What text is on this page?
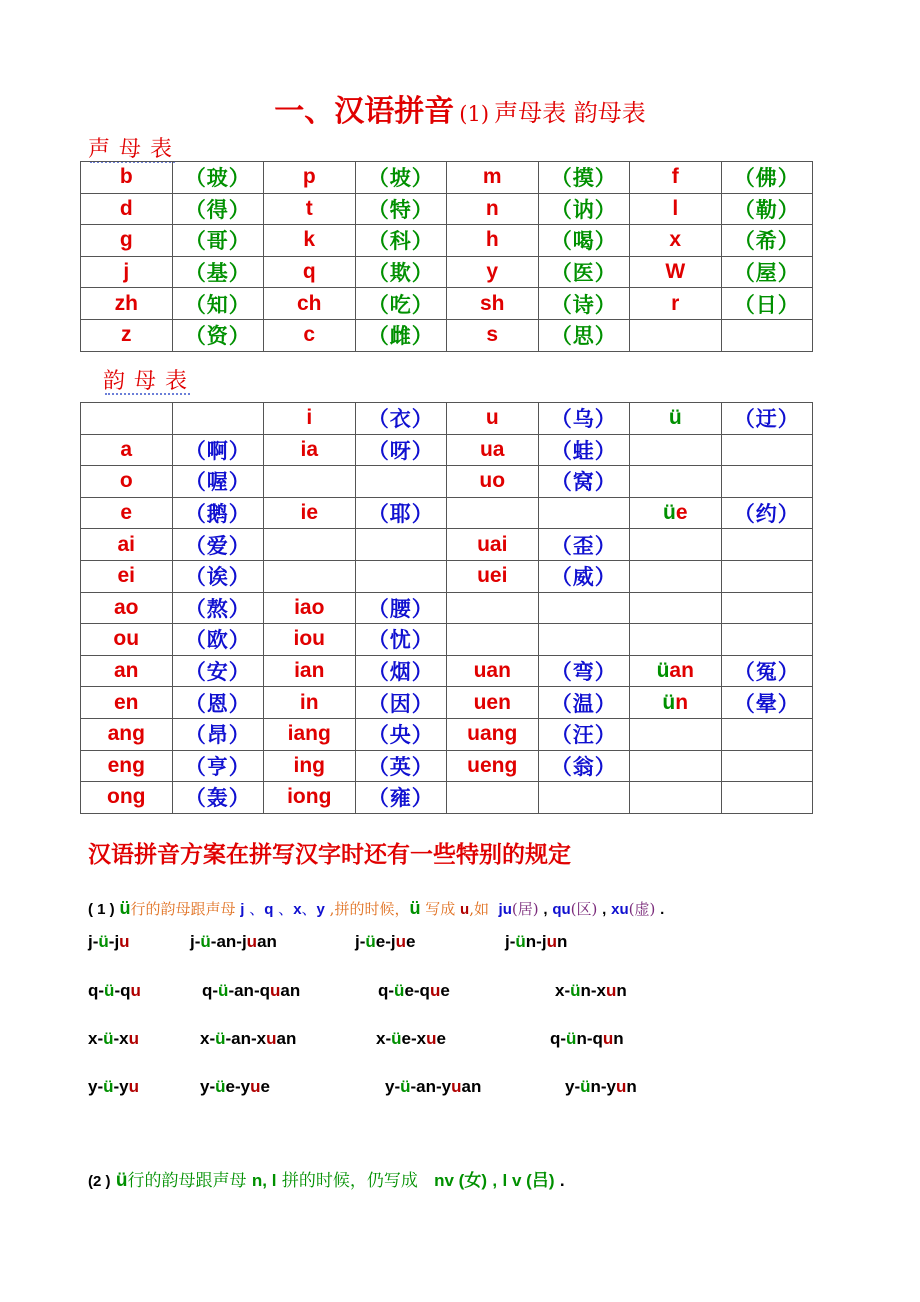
一、汉语拼音 (1) 声母表 韵母表
声母表
b	（玻）	p	（坡）	m	（摸）	f	（佛）
d	（得）	t	（特）	n	（讷）	l	（勒）
g	（哥）	k	（科）	h	（喝）	x	（希）
j	（基）	q	（欺）	y	（医）	W	（屋）
zh	（知）	ch	（吃）	sh	（诗）	r	（日）
z	（资）	c	（雌）	s	（思）		
韵母表
		i	（衣）	u	（乌）	ü	（迂）
a	（啊）	ia	（呀）	ua	（蛙）		
o	（喔）			uo	（窝）		
e	（鹅）	ie	（耶）			üe	（约）
ai	（爱）			uai	（歪）		
ei	（诶）			uei	（威）		
ao	（熬）	iao	（腰）				
ou	（欧）	iou	（忧）				
an	（安）	ian	（烟）	uan	（弯）	üan	（冤）
en	（恩）	in	（因）	uen	（温）	ün	（晕）
ang	（昂）	iang	（央）	uang	（汪）		
eng	（亨）	ing	（英）	ueng	（翁）		
ong	（轰）	iong	（雍）				
汉语拼音方案在拼写汉字时还有一些特别的规定
( 1 ) ü行的韵母跟声母 j 、q 、x、y ,拼的时候，ü 写成 u,如 ju(居) , qu(区) , xu(虚) .
j-ü-ju	j-ü-an-juan	j-üe-jue	j-ün-jun
q-ü-qu	q-ü-an-quan	q-üe-que	x-ün-xun
x-ü-xu	x-ü-an-xuan	x-üe-xue	q-ün-qun
y-ü-yu	y-üe-yue	y-ü-an-yuan	y-ün-yun
(2 ) ü行的韵母跟声母 n, l 拼的时候，仍写成 nv (女) , l v (吕) .
